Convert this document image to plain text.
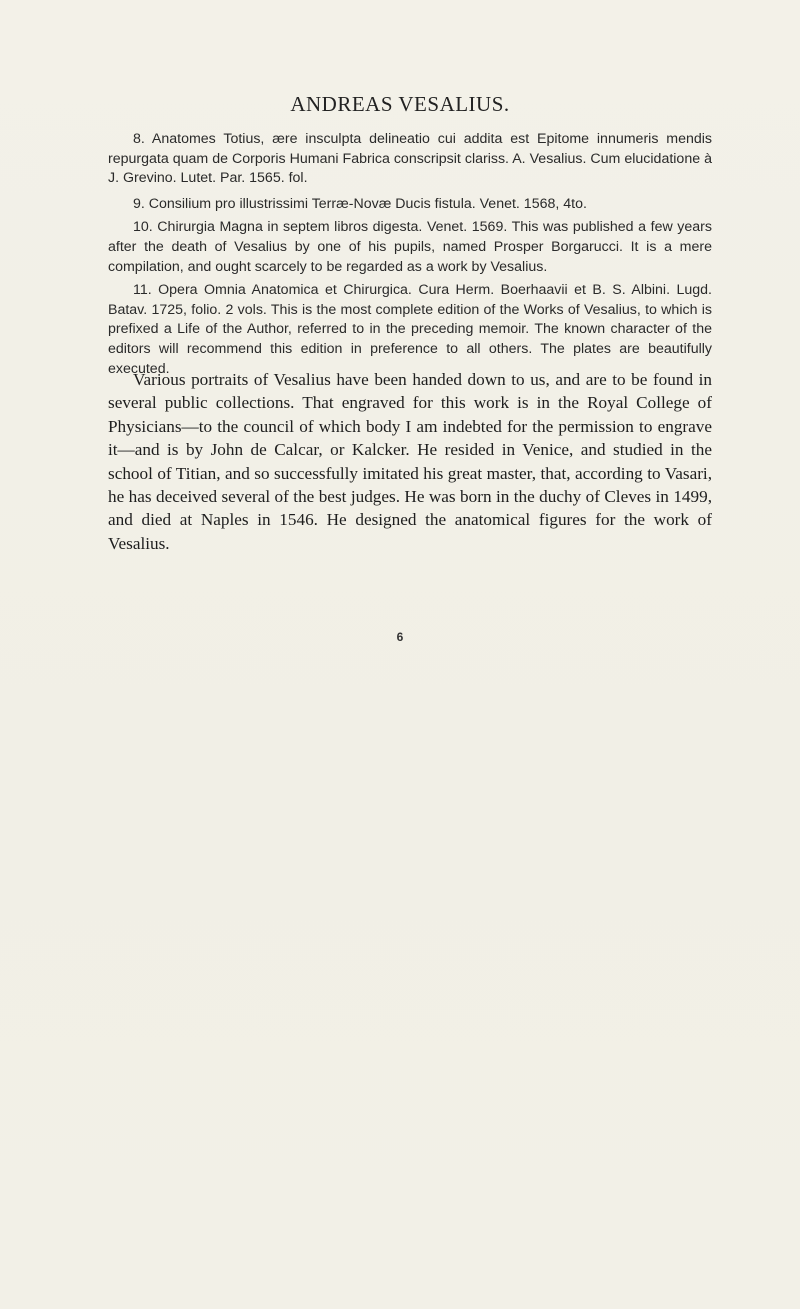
ANDREAS VESALIUS.

8. Anatomes Totius, ære insculpta delineatio cui addita est Epitome innumeris mendis repurgata quam de Corporis Humani Fabrica conscripsit clariss. A. Vesalius. Cum elucidatione à J. Grevino. Lutet. Par. 1565. fol.

9. Consilium pro illustrissimi Terræ-Novæ Ducis fistula. Venet. 1568, 4to.

10. Chirurgia Magna in septem libros digesta. Venet. 1569. This was published a few years after the death of Vesalius by one of his pupils, named Prosper Borgarucci. It is a mere compilation, and ought scarcely to be regarded as a work by Vesalius.

11. Opera Omnia Anatomica et Chirurgica. Cura Herm. Boerhaavii et B. S. Albini. Lugd. Batav. 1725, folio. 2 vols. This is the most complete edition of the Works of Vesalius, to which is prefixed a Life of the Author, referred to in the preceding memoir. The known character of the editors will recommend this edition in preference to all others. The plates are beautifully executed.

Various portraits of Vesalius have been handed down to us, and are to be found in several public collections. That engraved for this work is in the Royal College of Physicians—to the council of which body I am indebted for the permission to engrave it—and is by John de Calcar, or Kalcker. He resided in Venice, and studied in the school of Titian, and so successfully imitated his great master, that, according to Vasari, he has deceived several of the best judges. He was born in the duchy of Cleves in 1499, and died at Naples in 1546. He designed the anatomical figures for the work of Vesalius.

6
